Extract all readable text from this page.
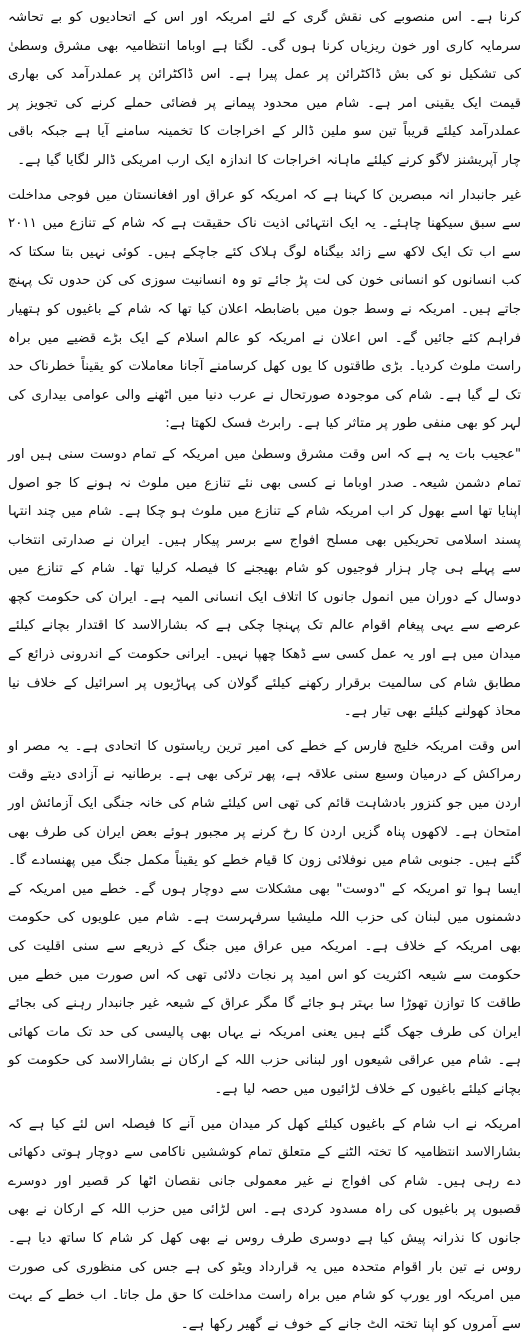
کرنا ہے۔ اس منصوبے کی نقش گری کے لئے امریکہ اور اس کے اتحادیوں کو بے تحاشہ سرمایہ کاری اور خون ریزیاں کرنا ہوں گی۔ لگتا ہے اوباما انتظامیہ بھی مشرق وسطیٰ کی تشکیل نو کی بش ڈاکٹرائن پر عمل پیرا ہے۔ اس ڈاکٹرائن پر عملدرآمد کی بھاری قیمت ایک یقینی امر ہے۔ شام میں محدود پیمانے پر فضائی حملے کرنے کی تجویز پر عملدرآمد کیلئے قریباً تین سو ملین ڈالر کے اخراجات کا تخمینہ سامنے آیا ہے جبکہ باقی چار آپریشنز لاگو کرنے کیلئے ماہانہ اخراجات کا اندازہ ایک ارب امریکی ڈالر لگایا گیا ہے۔

غیر جانبدار انہ مبصرین کا کہنا ہے کہ امریکہ کو عراق اور افغانستان میں فوجی مداخلت سے سبق سیکھنا چاہئے۔ یہ ایک انتہائی اذیت ناک حقیقت ہے کہ شام کے تنازع میں ۲۰۱۱ سے اب تک ایک لاکھ سے زائد بیگناہ لوگ ہلاک کئے جاچکے ہیں۔ کوئی نہیں بتا سکتا کہ کب انسانوں کو انسانی خون کی لت پڑ جائے تو وہ انسانیت سوزی کی کن حدوں تک پہنچ جاتے ہیں۔ امریکہ نے وسط جون میں باضابطہ اعلان کیا تھا کہ شام کے باغیوں کو ہتھیار فراہم کئے جائیں گے۔ اس اعلان نے امریکہ کو عالم اسلام کے ایک بڑے قضیے میں براہ راست ملوث کردیا۔ بڑی طاقتوں کا یوں کھل کرسامنے آجانا معاملات کو یقیناً خطرناک حد تک لے گیا ہے۔ شام کی موجودہ صورتحال نے عرب دنیا میں اٹھنے والی عوامی بیداری کی لہر کو بھی منفی طور پر متاثر کیا ہے۔ رابرٹ فسک لکھتا ہے:

"عجیب بات یہ ہے کہ اس وقت مشرق وسطیٰ میں امریکہ کے تمام دوست سنی ہیں اور تمام دشمن شیعہ۔ صدر اوباما نے کسی بھی نئے تنازع میں ملوث نہ ہونے کا جو اصول اپنایا تھا اسے بھول کر اب امریکہ شام کے تنازع میں ملوث ہو چکا ہے۔ شام میں چند انتہا پسند اسلامی تحریکیں بھی مسلح افواج سے برسر پیکار ہیں۔ ایران نے صدارتی انتخاب سے پہلے ہی چار ہزار فوجیوں کو شام بھیجنے کا فیصلہ کرلیا تھا۔ شام کے تنازع میں دوسال کے دوران میں انمول جانوں کا اتلاف ایک انسانی المیہ ہے۔ ایران کی حکومت کچھ عرصے سے یہی پیغام اقوام عالم تک پہنچا چکی ہے کہ بشارالاسد کا اقتدار بچانے کیلئے میدان میں ہے اور یہ عمل کسی سے ڈھکا چھپا نہیں۔ ایرانی حکومت کے اندرونی ذرائع کے مطابق شام کی سالمیت برقرار رکھنے کیلئے گولان کی پہاڑیوں پر اسرائیل کے خلاف نیا محاذ کھولنے کیلئے بھی تیار ہے۔

اس وقت امریکہ خلیج فارس کے خطے کی امیر ترین ریاستوں کا اتحادی ہے۔ یہ مصر او رمراکش کے درمیان وسیع سنی علاقہ ہے، پھر ترکی بھی ہے۔ برطانیہ نے آزادی دیتے وقت اردن میں جو کنزور بادشاہت قائم کی تھی اس کیلئے شام کی خانہ جنگی ایک آزمائش اور امتحان ہے۔ لاکھوں پناہ گزیں اردن کا رخ کرنے پر مجبور ہوئے بعض ایران کی طرف بھی گئے ہیں۔ جنوبی شام میں نوفلائی زون کا قیام خطے کو یقیناً مکمل جنگ میں پھنسادے گا۔ ایسا ہوا تو امریکہ کے "دوست" بھی مشکلات سے دوچار ہوں گے۔ خطے میں امریکہ کے دشمنوں میں لبنان کی حزب اللہ ملیشیا سرفہرست ہے۔ شام میں علویوں کی حکومت بھی امریکہ کے خلاف ہے۔ امریکہ میں عراق میں جنگ کے ذریعے سے سنی اقلیت کی حکومت سے شیعہ اکثریت کو اس امید پر نجات دلائی تھی کہ اس صورت میں خطے میں طاقت کا توازن تھوڑا سا بہتر ہو جائے گا مگر عراق کے شیعہ غیر جانبدار رہنے کی بجائے ایران کی طرف جھک گئے ہیں یعنی امریکہ نے یہاں بھی پالیسی کی حد تک مات کھائی ہے۔ شام میں عراقی شیعوں اور لبنانی حزب اللہ کے ارکان نے بشارالاسد کی حکومت کو بچانے کیلئے باغیوں کے خلاف لڑائیوں میں حصہ لیا ہے۔

امریکہ نے اب شام کے باغیوں کیلئے کھل کر میدان میں آنے کا فیصلہ اس لئے کیا ہے کہ بشارالاسد انتظامیہ کا تختہ الٹنے کے متعلق تمام کوششیں ناکامی سے دوچار ہوتی دکھائی دے رہی ہیں۔ شام کی افواج نے غیر معمولی جانی نقصان اٹھا کر قصیر اور دوسرے قصبوں پر باغیوں کی راہ مسدود کردی ہے۔ اس لڑائی میں حزب اللہ کے ارکان نے بھی جانوں کا نذرانہ پیش کیا ہے دوسری طرف روس نے بھی کھل کر شام کا ساتھ دیا ہے۔ روس نے تین بار اقوام متحدہ میں یہ قرارداد ویٹو کی ہے جس کی منظوری کی صورت میں امریکہ اور یورپ کو شام میں براہ راست مداخلت کا حق مل جاتا۔ اب خطے کے بہت سے آمروں کو اپنا تختہ الٹ جانے کے خوف نے گھیر رکھا ہے۔
